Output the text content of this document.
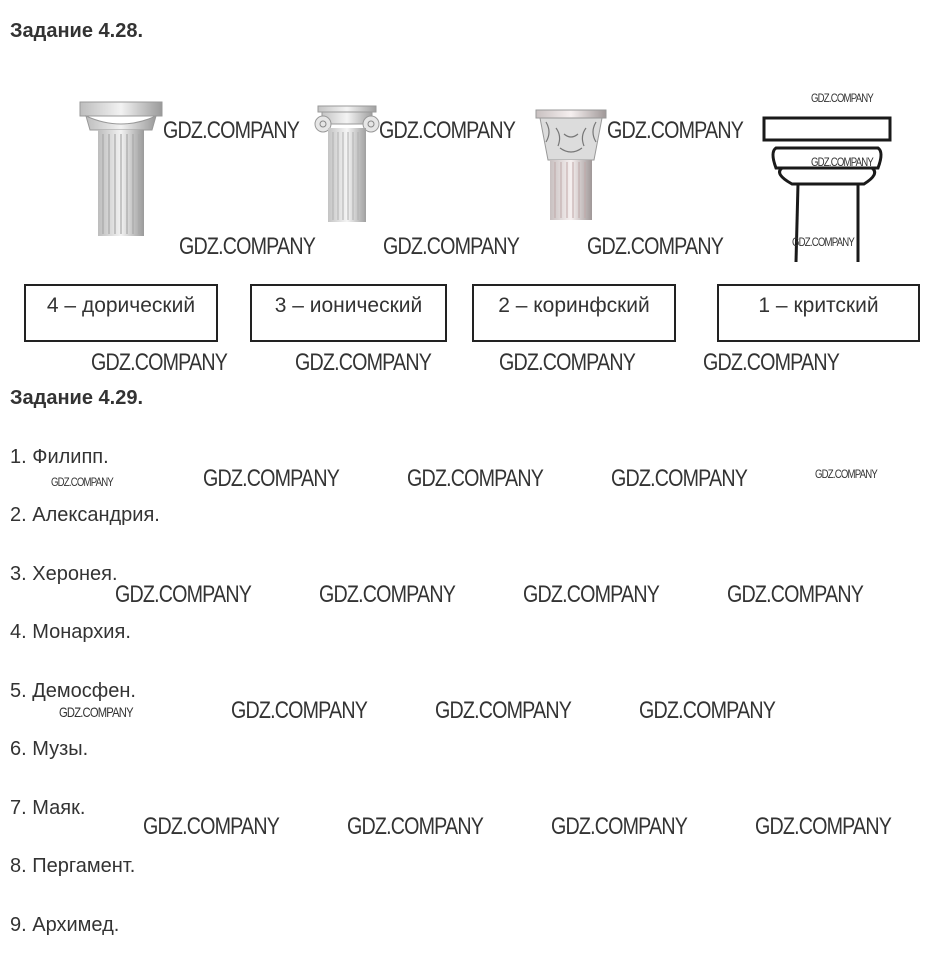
Задание 4.28.
4 – дорический	3 – ионический	2 – коринфский	1 – критский
Задание 4.29.
1. Филипп.
2. Александрия.
3. Херонея.
4. Монархия.
5. Демосфен.
6. Музы.
7. Маяк.
8. Пергамент.
9. Архимед.
GDZ.COMPANY	GDZ.COMPANY	GDZ.COMPANY
GDZ.COMPANY
GDZ.COMPANY
GDZ.COMPANY
GDZ.COMPANY	GDZ.COMPANY	GDZ.COMPANY
GDZ.COMPANY	GDZ.COMPANY	GDZ.COMPANY	GDZ.COMPANY
GDZ.COMPANY	GDZ.COMPANY	GDZ.COMPANY	GDZ.COMPANY	GDZ.COMPANY
GDZ.COMPANY	GDZ.COMPANY	GDZ.COMPANY	GDZ.COMPANY
GDZ.COMPANY	GDZ.COMPANY	GDZ.COMPANY	GDZ.COMPANY
GDZ.COMPANY	GDZ.COMPANY	GDZ.COMPANY	GDZ.COMPANY
